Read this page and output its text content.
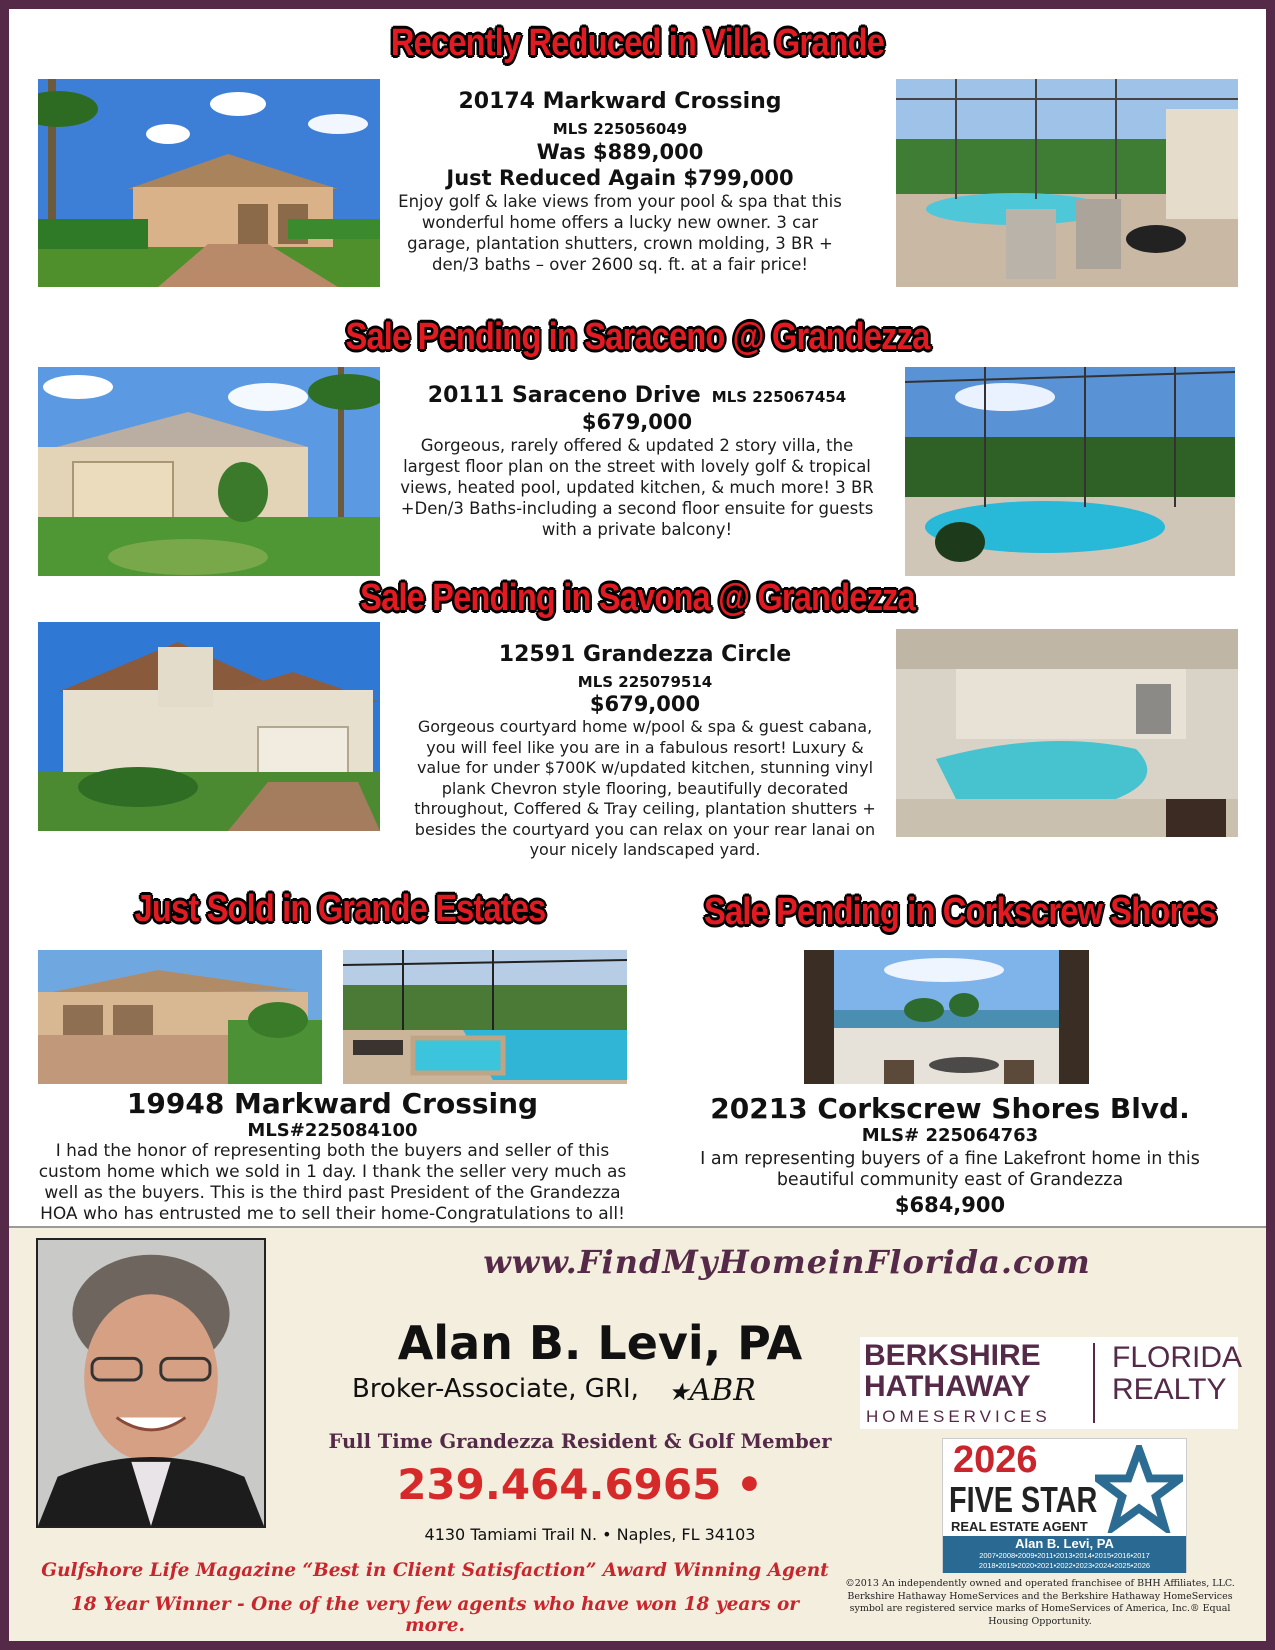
Recently Reduced in Villa Grande
20174 Markward Crossing
MLS 225056049
Was $889,000
Just Reduced Again $799,000
Enjoy golf & lake views from your pool & spa that this wonderful home offers a lucky new owner. 3 car garage, plantation shutters, crown molding, 3 BR + den/3 baths – over 2600 sq. ft. at a fair price!
Sale Pending in Saraceno @ Grandezza
20111 Saraceno Drive MLS 225067454
$679,000
Gorgeous, rarely offered & updated 2 story villa, the largest floor plan on the street with lovely golf & tropical views, heated pool, updated kitchen, & much more! 3 BR +Den/3 Baths-including a second floor ensuite for guests with a private balcony!
Sale Pending in Savona @ Grandezza
12591 Grandezza Circle
MLS 225079514
$679,000
Gorgeous courtyard home w/pool & spa & guest cabana, you will feel like you are in a fabulous resort! Luxury & value for under $700K w/updated kitchen, stunning vinyl plank Chevron style flooring, beautifully decorated throughout, Coffered & Tray ceiling, plantation shutters + besides the courtyard you can relax on your rear lanai on your nicely landscaped yard.
Just Sold in Grande Estates
19948 Markward Crossing
MLS#225084100
I had the honor of representing both the buyers and seller of this custom home which we sold in 1 day. I thank the seller very much as well as the buyers. This is the third past President of the Grandezza HOA who has entrusted me to sell their home-Congratulations to all!
Sale Pending in Corkscrew Shores
20213 Corkscrew Shores Blvd.
MLS# 225064763
I am representing buyers of a fine Lakefront home in this beautiful community east of Grandezza
$684,900
www.FindMyHomeinFlorida.com
Alan B. Levi, PA
Broker-Associate, GRI, ★ABR
Full Time Grandezza Resident & Golf Member
239.464.6965 •
4130 Tamiami Trail N. • Naples, FL 34103
Gulfshore Life Magazine “Best in Client Satisfaction” Award Winning Agent
18 Year Winner - One of the very few agents who have won 18 years or more.
BERKSHIRE
HATHAWAY
HOMESERVICES
FLORIDA
REALTY
2026
FIVE STAR
REAL ESTATE AGENT
Alan B. Levi, PA
2007•2008•2009•2011•2013•2014•2015•2016•2017
2018•2019•2020•2021•2022•2023•2024•2025•2026
©2013 An independently owned and operated franchisee of BHH Affiliates, LLC. Berkshire Hathaway HomeServices and the Berkshire Hathaway HomeServices symbol are registered service marks of HomeServices of America, Inc.® Equal Housing Opportunity.
